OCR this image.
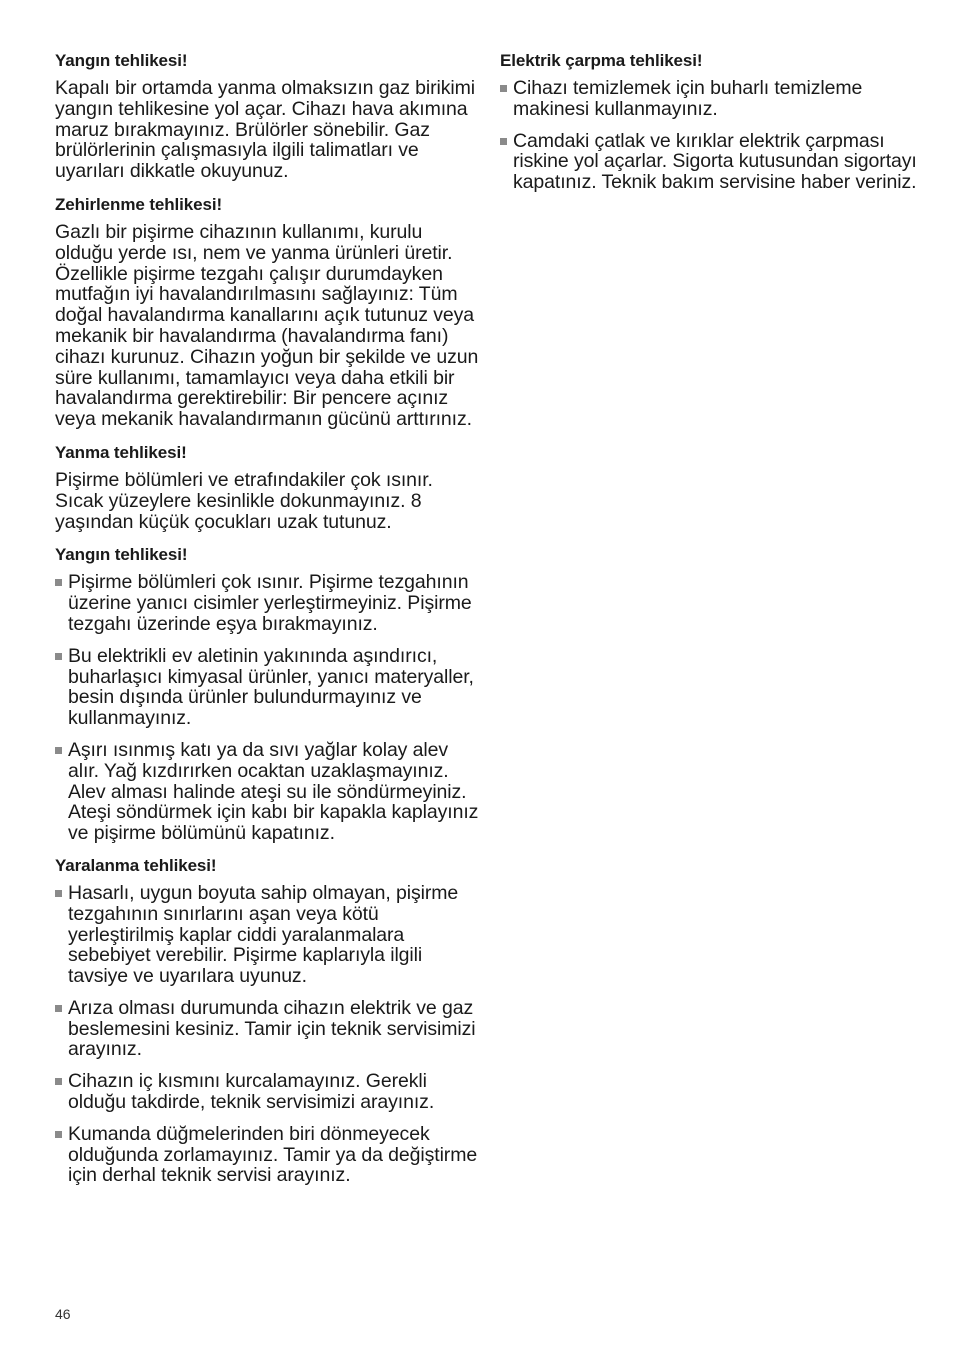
Yangın tehlikesi!

Kapalı bir ortamda yanma olmaksızın gaz birikimi yangın tehlikesine yol açar. Cihazı hava akımına maruz bırakmayınız. Brülörler sönebilir. Gaz brülörlerinin çalışmasıyla ilgili talimatları ve uyarıları dikkatle okuyunuz.

Zehirlenme tehlikesi!

Gazlı bir pişirme cihazının kullanımı, kurulu olduğu yerde ısı, nem ve yanma ürünleri üretir. Özellikle pişirme tezgahı çalışır durumdayken mutfağın iyi havalandırılmasını sağlayınız: Tüm doğal havalandırma kanallarını açık tutunuz veya mekanik bir havalandırma (havalandırma fanı) cihazı kurunuz. Cihazın yoğun bir şekilde ve uzun süre kullanımı, tamamlayıcı veya daha etkili bir havalandırma gerektirebilir: Bir pencere açınız veya mekanik havalandırmanın gücünü arttırınız.

Yanma tehlikesi!

Pişirme bölümleri ve etrafındakiler çok ısınır. Sıcak yüzeylere kesinlikle dokunmayınız. 8 yaşından küçük çocukları uzak tutunuz.

Yangın tehlikesi!
Pişirme bölümleri çok ısınır. Pişirme tezgahının üzerine yanıcı cisimler yerleştirmeyiniz. Pişirme tezgahı üzerinde eşya bırakmayınız.
Bu elektrikli ev aletinin yakınında aşındırıcı, buharlaşıcı kimyasal ürünler, yanıcı materyaller, besin dışında ürünler bulundurmayınız ve kullanmayınız.
Aşırı ısınmış katı ya da sıvı yağlar kolay alev alır. Yağ kızdırırken ocaktan uzaklaşmayınız. Alev alması halinde ateşi su ile söndürmeyiniz. Ateşi söndürmek için kabı bir kapakla kaplayınız ve pişirme bölümünü kapatınız.
Yaralanma tehlikesi!
Hasarlı, uygun boyuta sahip olmayan, pişirme tezgahının sınırlarını aşan veya kötü yerleştirilmiş kaplar ciddi yaralanmalara sebebiyet verebilir. Pişirme kaplarıyla ilgili tavsiye ve uyarılara uyunuz.
Arıza olması durumunda cihazın elektrik ve gaz beslemesini kesiniz. Tamir için teknik servisimizi arayınız.
Cihazın iç kısmını kurcalamayınız. Gerekli olduğu takdirde, teknik servisimizi arayınız.
Kumanda düğmelerinden biri dönmeyecek olduğunda zorlamayınız. Tamir ya da değiştirme için derhal teknik servisi arayınız.
Elektrik çarpma tehlikesi!
Cihazı temizlemek için buharlı temizleme makinesi kullanmayınız.
Camdaki çatlak ve kırıklar elektrik çarpması riskine yol açarlar. Sigorta kutusundan sigortayı kapatınız. Teknik bakım servisine haber veriniz.
46
